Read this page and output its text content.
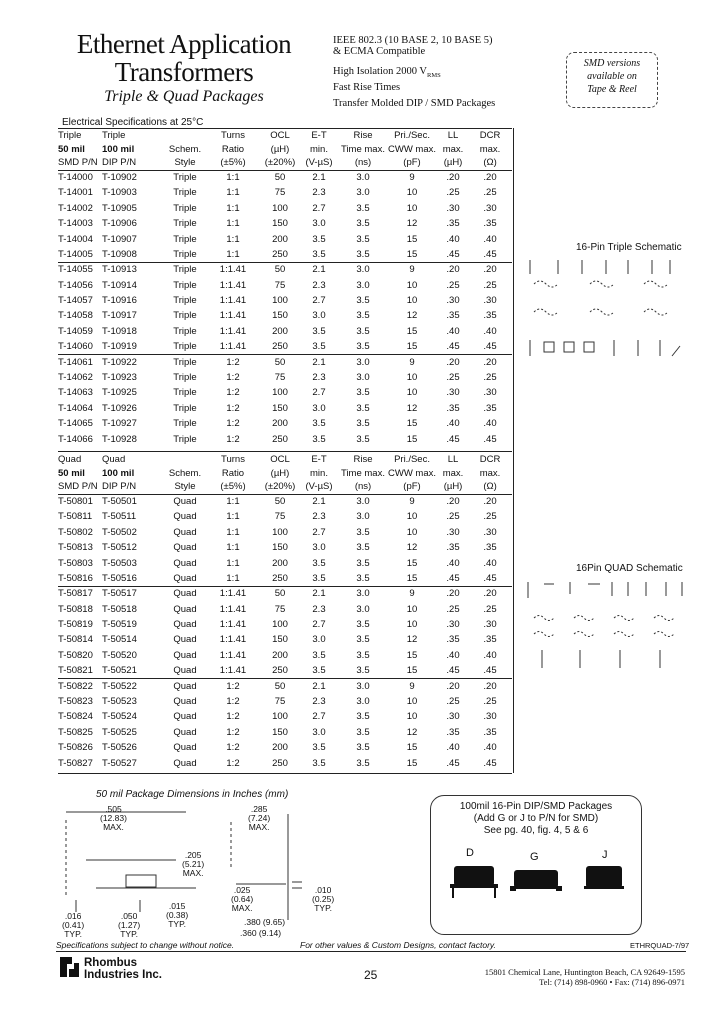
Ethernet Application
Transformers
Triple & Quad Packages
IEEE 802.3 (10 BASE 2, 10 BASE 5)
& ECMA Compatible
High Isolation 2000 $V_{RMS}$
Fast Rise Times
Transfer Molded DIP / SMD Packages
SMD versions
available on
Tape & Reel
Electrical Specifications at 25°C
Triple	Triple		Turns	OCL	E-T	Rise	Pri./Sec.	LL	DCR
50 mil	100 mil	Schem.	Ratio	(µH)	min.	Time max.	CWW max.	max.	max.
SMD P/N	DIP P/N	Style	(±5%)	(±20%)	(V-µS)	(ns)	(pF)	(µH)	(Ω)
T-14000	T-10902	Triple	1:1	50	2.1	3.0	9	.20	.20
T-14001	T-10903	Triple	1:1	75	2.3	3.0	10	.25	.25
T-14002	T-10905	Triple	1:1	100	2.7	3.5	10	.30	.30
T-14003	T-10906	Triple	1:1	150	3.0	3.5	12	.35	.35
T-14004	T-10907	Triple	1:1	200	3.5	3.5	15	.40	.40
T-14005	T-10908	Triple	1:1	250	3.5	3.5	15	.45	.45
T-14055	T-10913	Triple	1:1.41	50	2.1	3.0	9	.20	.20
T-14056	T-10914	Triple	1:1.41	75	2.3	3.0	10	.25	.25
T-14057	T-10916	Triple	1:1.41	100	2.7	3.5	10	.30	.30
T-14058	T-10917	Triple	1:1.41	150	3.0	3.5	12	.35	.35
T-14059	T-10918	Triple	1:1.41	200	3.5	3.5	15	.40	.40
T-14060	T-10919	Triple	1:1.41	250	3.5	3.5	15	.45	.45
T-14061	T-10922	Triple	1:2	50	2.1	3.0	9	.20	.20
T-14062	T-10923	Triple	1:2	75	2.3	3.0	10	.25	.25
T-14063	T-10925	Triple	1:2	100	2.7	3.5	10	.30	.30
T-14064	T-10926	Triple	1:2	150	3.0	3.5	12	.35	.35
T-14065	T-10927	Triple	1:2	200	3.5	3.5	15	.40	.40
T-14066	T-10928	Triple	1:2	250	3.5	3.5	15	.45	.45
Quad	Quad		Turns	OCL	E-T	Rise	Pri./Sec.	LL	DCR
50 mil	100 mil	Schem.	Ratio	(µH)	min.	Time max.	CWW max.	max.	max.
SMD P/N	DIP P/N	Style	(±5%)	(±20%)	(V-µS)	(ns)	(pF)	(µH)	(Ω)
T-50801	T-50501	Quad	1:1	50	2.1	3.0	9	.20	.20
T-50811	T-50511	Quad	1:1	75	2.3	3.0	10	.25	.25
T-50802	T-50502	Quad	1:1	100	2.7	3.5	10	.30	.30
T-50813	T-50512	Quad	1:1	150	3.0	3.5	12	.35	.35
T-50803	T-50503	Quad	1:1	200	3.5	3.5	15	.40	.40
T-50816	T-50516	Quad	1:1	250	3.5	3.5	15	.45	.45
T-50817	T-50517	Quad	1:1.41	50	2.1	3.0	9	.20	.20
T-50818	T-50518	Quad	1:1.41	75	2.3	3.0	10	.25	.25
T-50819	T-50519	Quad	1:1.41	100	2.7	3.5	10	.30	.30
T-50814	T-50514	Quad	1:1.41	150	3.0	3.5	12	.35	.35
T-50820	T-50520	Quad	1:1.41	200	3.5	3.5	15	.40	.40
T-50821	T-50521	Quad	1:1.41	250	3.5	3.5	15	.45	.45
T-50822	T-50522	Quad	1:2	50	2.1	3.0	9	.20	.20
T-50823	T-50523	Quad	1:2	75	2.3	3.0	10	.25	.25
T-50824	T-50524	Quad	1:2	100	2.7	3.5	10	.30	.30
T-50825	T-50525	Quad	1:2	150	3.0	3.5	12	.35	.35
T-50826	T-50526	Quad	1:2	200	3.5	3.5	15	.40	.40
T-50827	T-50527	Quad	1:2	250	3.5	3.5	15	.45	.45
16-Pin Triple Schematic
16Pin QUAD Schematic
50 mil Package Dimensions in Inches (mm)
.505
(12.83)
MAX.
.285
(7.24)
MAX.
.205
(5.21)
MAX.
.025
(0.64)
MAX.
.010
(0.25)
TYP.
.015
(0.38)
TYP.
.016
(0.41)
TYP.
.050
(1.27)
TYP.
.380 (9.65)
.360 (9.14)
100mil 16-Pin DIP/SMD Packages
(Add G or J to P/N for SMD)
See pg. 40, fig. 4, 5 & 6
D	G	J
Specifications subject to change without notice.	For other values & Custom Designs, contact factory.	ETHRQUAD-7/97
Rhombus
Industries Inc.	25	15801 Chemical Lane, Huntington Beach, CA 92649-1595
Tel: (714) 898-0960 • Fax: (714) 896-0971
